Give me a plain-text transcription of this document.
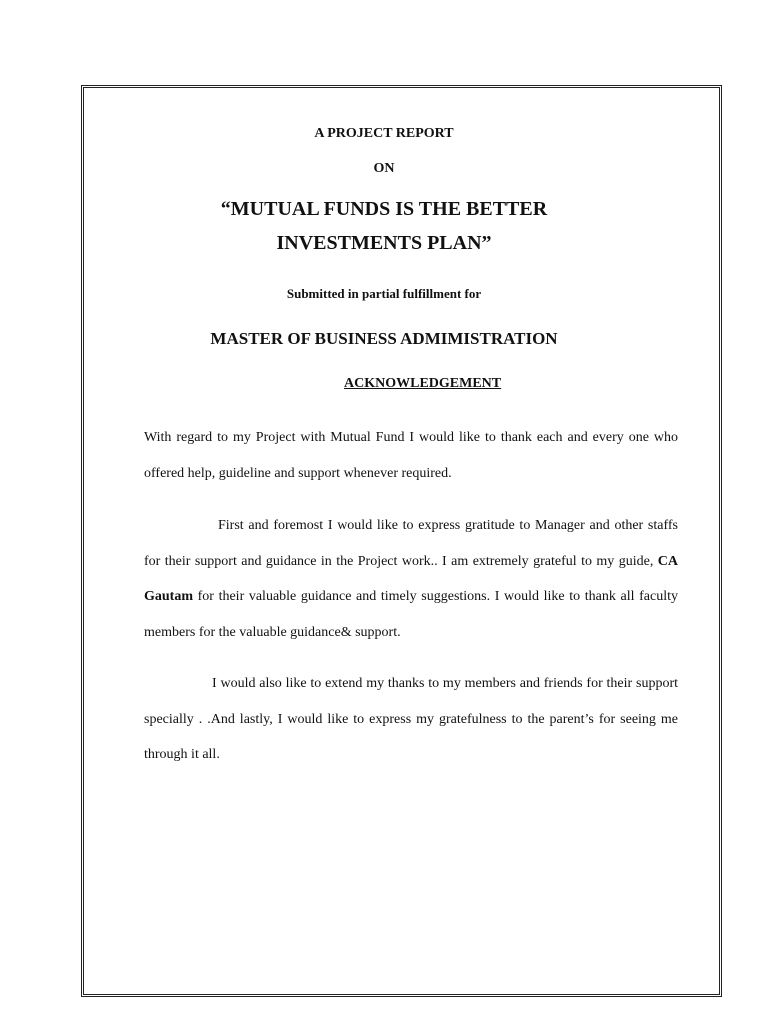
A PROJECT REPORT
ON
“MUTUAL FUNDS IS THE BETTER
INVESTMENTS PLAN”
Submitted in partial fulfillment for
MASTER OF BUSINESS ADMIMISTRATION
ACKNOWLEDGEMENT

With regard to my Project with Mutual Fund I would like to thank each and every one who offered help, guideline and support whenever required.

First and foremost I would like to express gratitude to Manager and other staffs for their support and guidance in the Project work.. I am extremely grateful to my guide, CA Gautam for their valuable guidance and timely suggestions. I would like to thank all faculty members for the valuable guidance& support.

I would also like to extend my thanks to my members and friends for their support specially . .And lastly, I would like to express my gratefulness to the parent’s for seeing me through it all.
